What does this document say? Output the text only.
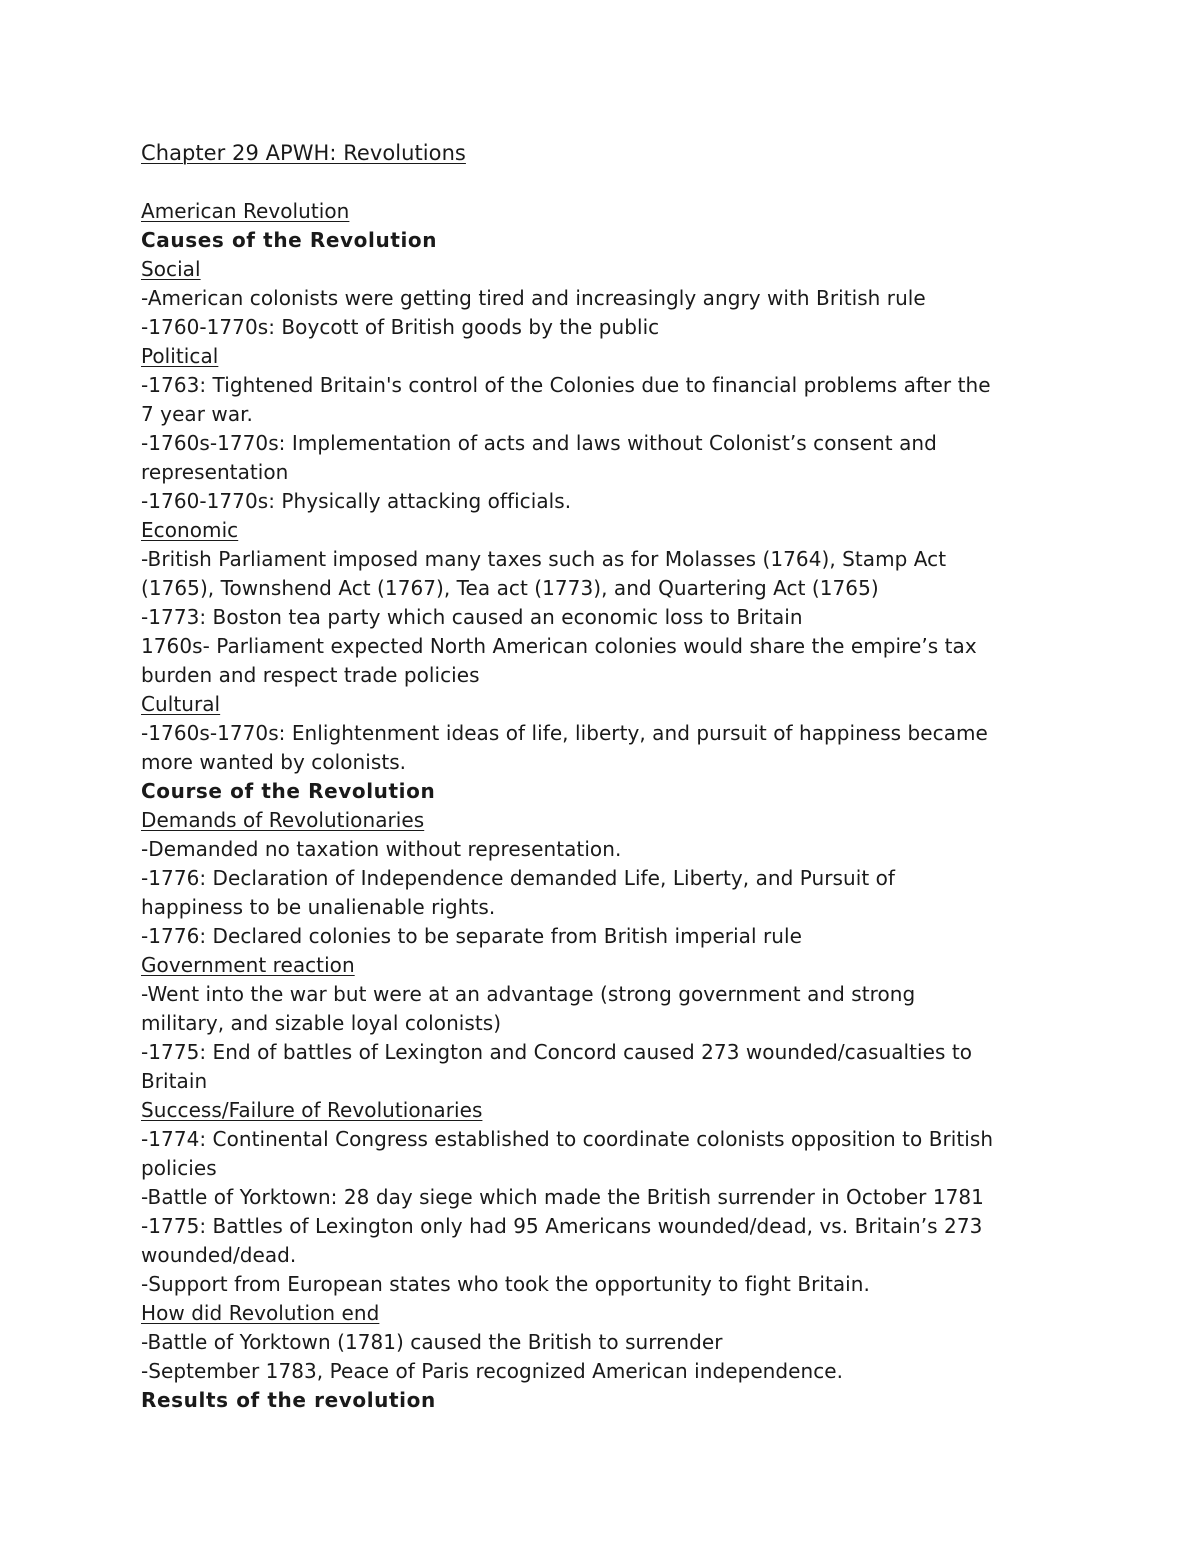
Chapter 29 APWH: Revolutions
American Revolution
Causes of the Revolution
Social
-American colonists were getting tired and increasingly angry with British rule
-1760-1770s: Boycott of British goods by the public
Political
-1763: Tightened Britain's control of the Colonies due to financial problems after the
7 year war.
-1760s-1770s: Implementation of acts and laws without Colonist’s consent and
representation
-1760-1770s: Physically attacking officials.
Economic
-British Parliament imposed many taxes such as for Molasses (1764), Stamp Act
(1765), Townshend Act (1767), Tea act (1773), and Quartering Act (1765)
-1773: Boston tea party which caused an economic loss to Britain
1760s- Parliament expected North American colonies would share the empire’s tax
burden and respect trade policies
Cultural
-1760s-1770s: Enlightenment ideas of life, liberty, and pursuit of happiness became
more wanted by colonists.
Course of the Revolution
Demands of Revolutionaries
-Demanded no taxation without representation.
-1776: Declaration of Independence demanded Life, Liberty, and Pursuit of
happiness to be unalienable rights.
-1776: Declared colonies to be separate from British imperial rule
Government reaction
-Went into the war but were at an advantage (strong government and strong
military, and sizable loyal colonists)
-1775: End of battles of Lexington and Concord caused 273 wounded/casualties to
Britain
Success/Failure of Revolutionaries
-1774: Continental Congress established to coordinate colonists opposition to British
policies
-Battle of Yorktown: 28 day siege which made the British surrender in October 1781
-1775: Battles of Lexington only had 95 Americans wounded/dead, vs. Britain’s 273
wounded/dead.
-Support from European states who took the opportunity to fight Britain.
How did Revolution end
-Battle of Yorktown (1781) caused the British to surrender
-September 1783, Peace of Paris recognized American independence.
Results of the revolution
